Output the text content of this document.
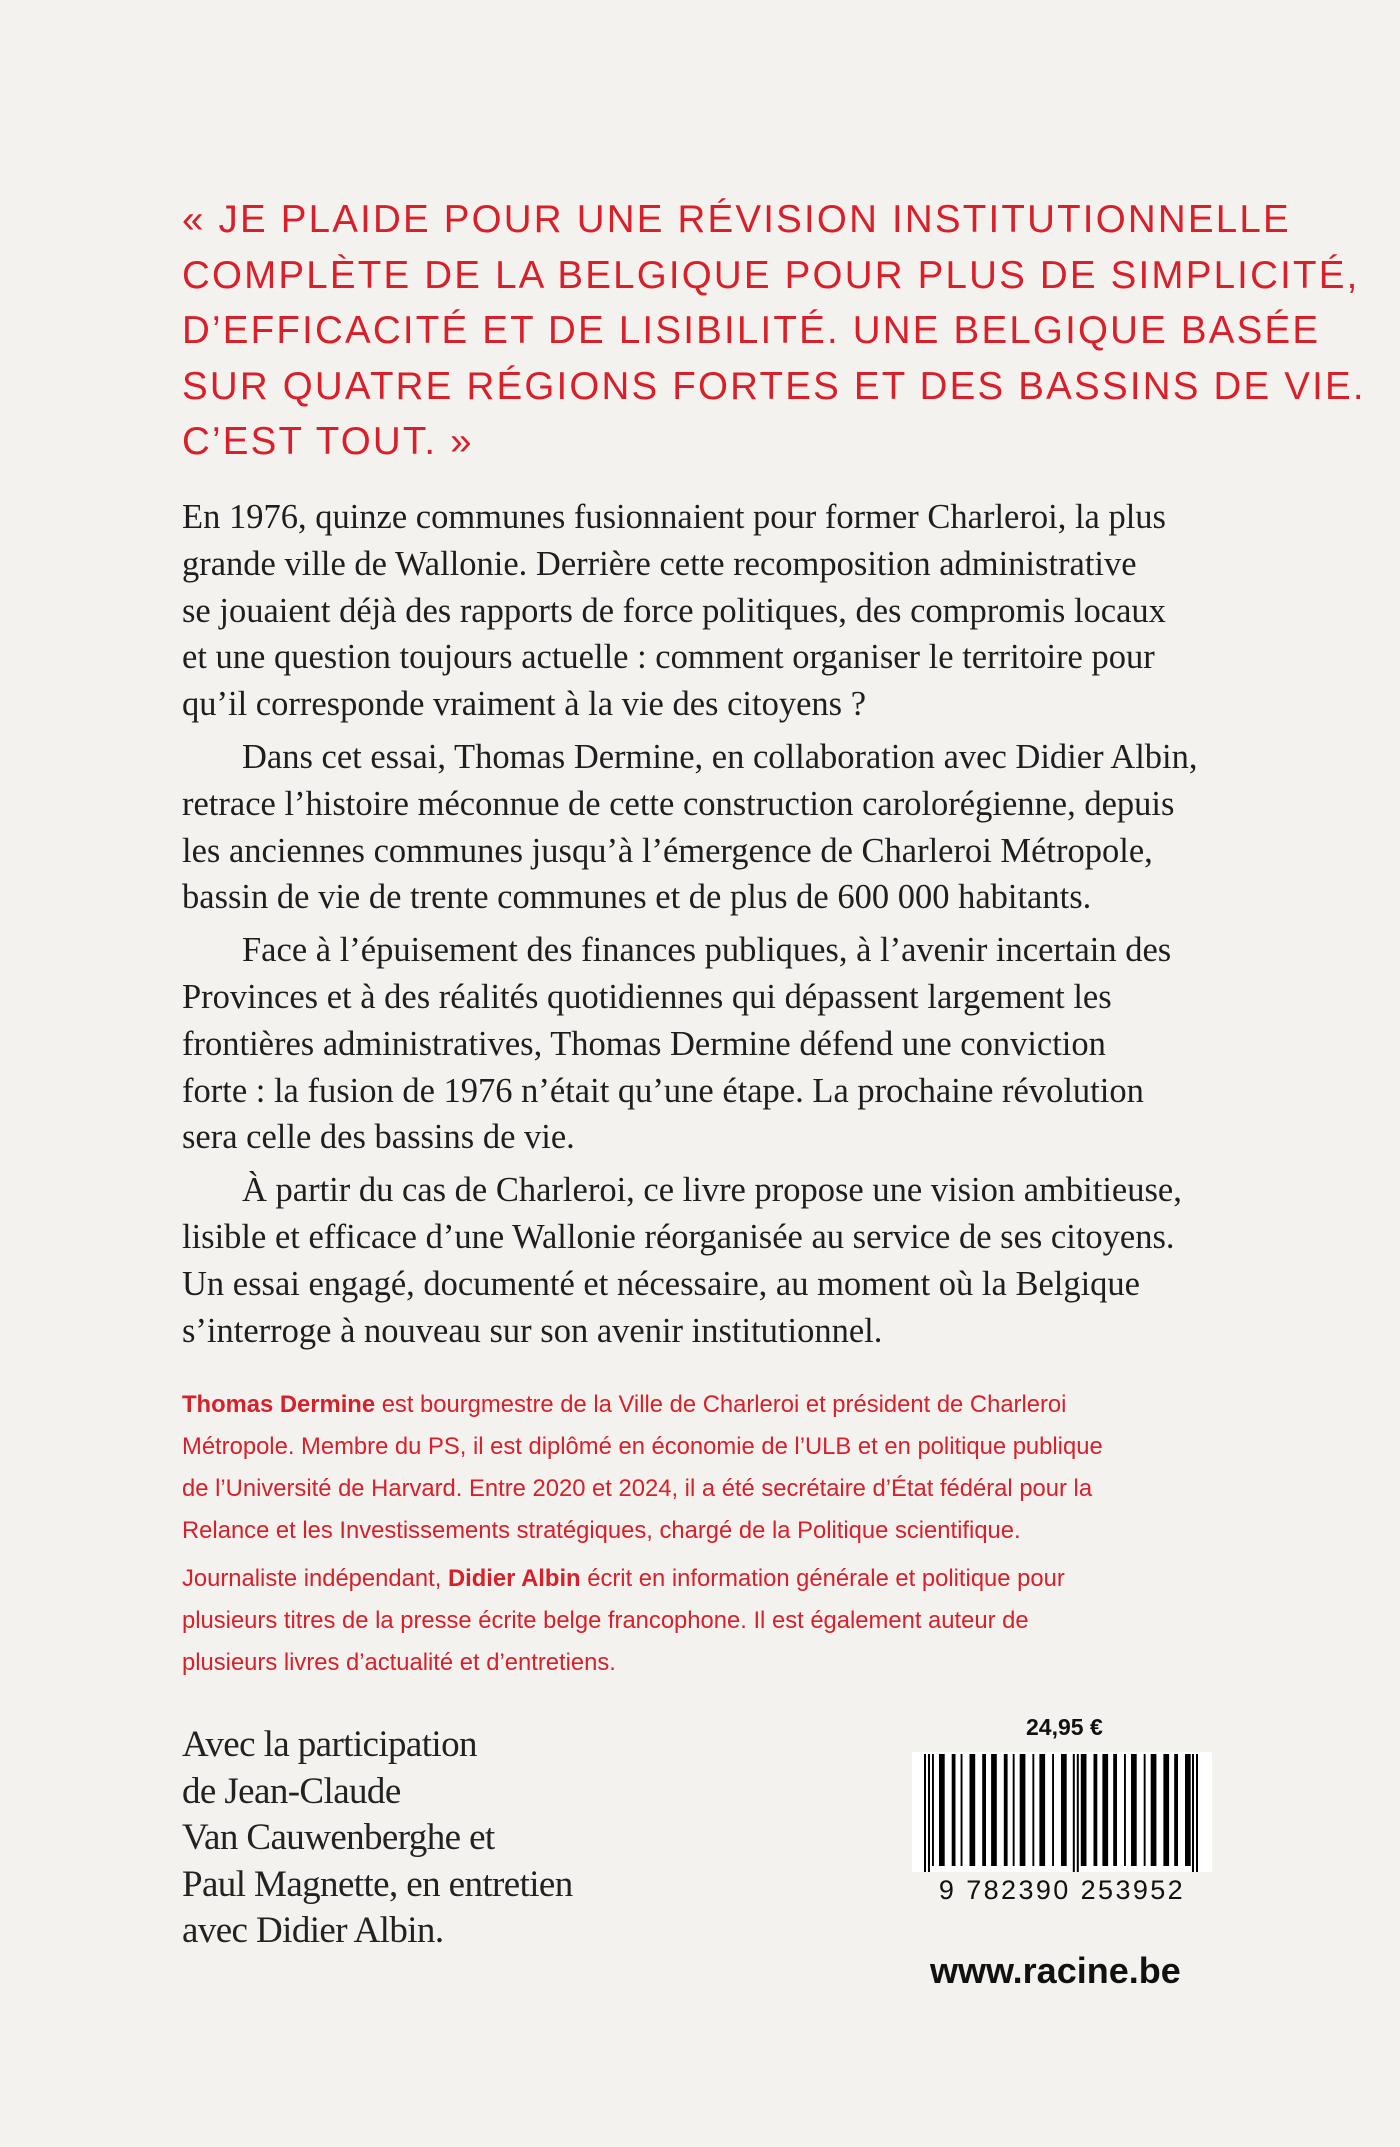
« JE PLAIDE POUR UNE RÉVISION INSTITUTIONNELLE
COMPLÈTE DE LA BELGIQUE POUR PLUS DE SIMPLICITÉ,
D’EFFICACITÉ ET DE LISIBILITÉ. UNE BELGIQUE BASÉE
SUR QUATRE RÉGIONS FORTES ET DES BASSINS DE VIE.
C’EST TOUT. »

En 1976, quinze communes fusionnaient pour former Charleroi, la plus
grande ville de Wallonie. Derrière cette recomposition administrative
se jouaient déjà des rapports de force politiques, des compromis locaux
et une question toujours actuelle : comment organiser le territoire pour
qu’il corresponde vraiment à la vie des citoyens ?

Dans cet essai, Thomas Dermine, en collaboration avec Didier Albin,
retrace l’histoire méconnue de cette construction carolorégienne, depuis
les anciennes communes jusqu’à l’émergence de Charleroi Métropole,
bassin de vie de trente communes et de plus de 600 000 habitants.

Face à l’épuisement des finances publiques, à l’avenir incertain des
Provinces et à des réalités quotidiennes qui dépassent largement les
frontières administratives, Thomas Dermine défend une conviction
forte : la fusion de 1976 n’était qu’une étape. La prochaine révolution
sera celle des bassins de vie.

À partir du cas de Charleroi, ce livre propose une vision ambitieuse,
lisible et efficace d’une Wallonie réorganisée au service de ses citoyens.
Un essai engagé, documenté et nécessaire, au moment où la Belgique
s’interroge à nouveau sur son avenir institutionnel.

Thomas Dermine est bourgmestre de la Ville de Charleroi et président de Charleroi
Métropole. Membre du PS, il est diplômé en économie de l’ULB et en politique publique
de l’Université de Harvard. Entre 2020 et 2024, il a été secrétaire d’État fédéral pour la
Relance et les Investissements stratégiques, chargé de la Politique scientifique.

Journaliste indépendant, Didier Albin écrit en information générale et politique pour
plusieurs titres de la presse écrite belge francophone. Il est également auteur de
plusieurs livres d’actualité et d’entretiens.

Avec la participation
de Jean-Claude
Van Cauwenberghe et
Paul Magnette, en entretien
avec Didier Albin.
24,95 €
9 782390 253952
www.racine.be
